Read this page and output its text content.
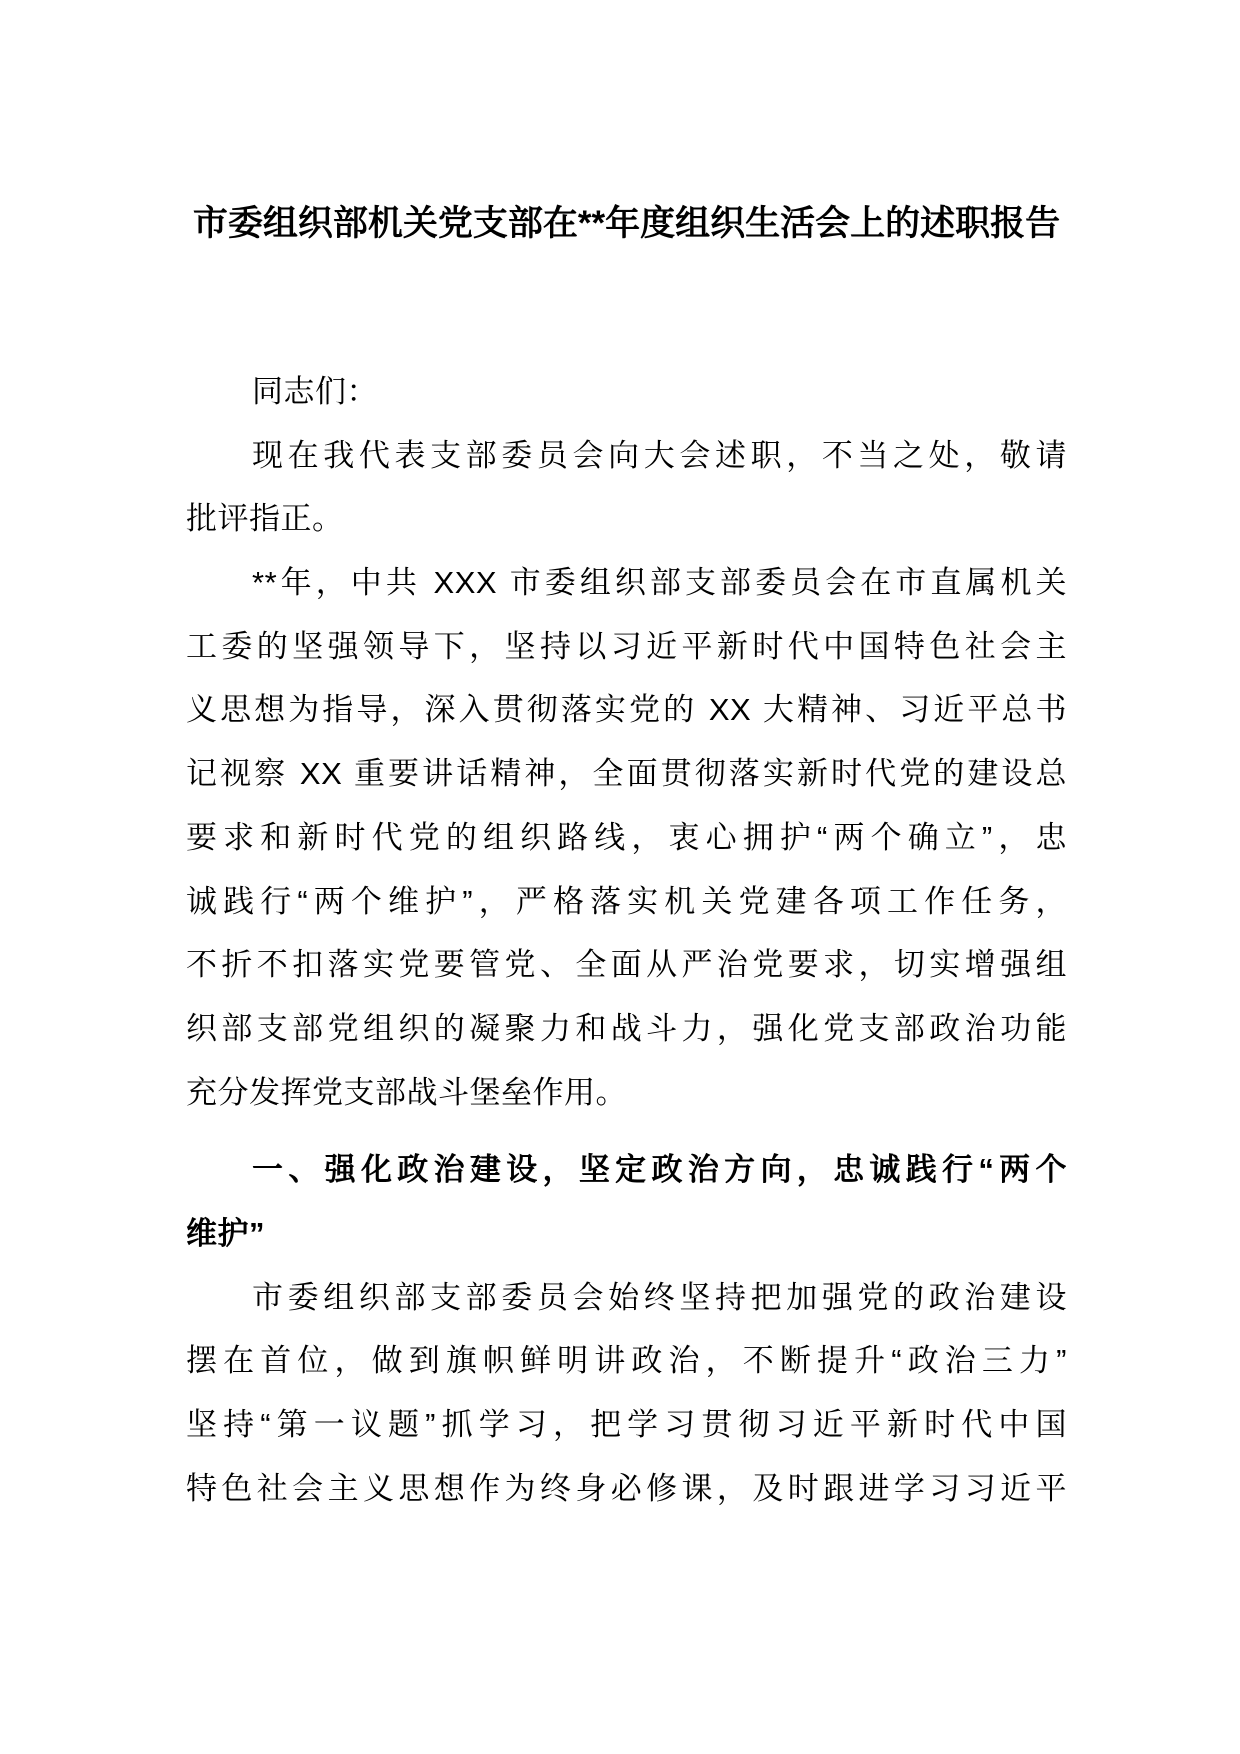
市委组织部机关党支部在**年度组织生活会上的述职报告
同志们：
现在我代表支部委员会向大会述职，不当之处，敬请
批评指正。
**年，中共 XXX 市委组织部支部委员会在市直属机关
工委的坚强领导下，坚持以习近平新时代中国特色社会主
义思想为指导，深入贯彻落实党的 XX 大精神、习近平总书
记视察 XX 重要讲话精神，全面贯彻落实新时代党的建设总
要求和新时代党的组织路线，衷心拥护“两个确立”，忠
诚践行“两个维护”，严格落实机关党建各项工作任务，
不折不扣落实党要管党、全面从严治党要求，切实增强组
织部支部党组织的凝聚力和战斗力，强化党支部政治功能
充分发挥党支部战斗堡垒作用。
一、强化政治建设，坚定政治方向，忠诚践行“两个
维护”
市委组织部支部委员会始终坚持把加强党的政治建设
摆在首位，做到旗帜鲜明讲政治，不断提升“政治三力”
坚持“第一议题”抓学习，把学习贯彻习近平新时代中国
特色社会主义思想作为终身必修课，及时跟进学习习近平
